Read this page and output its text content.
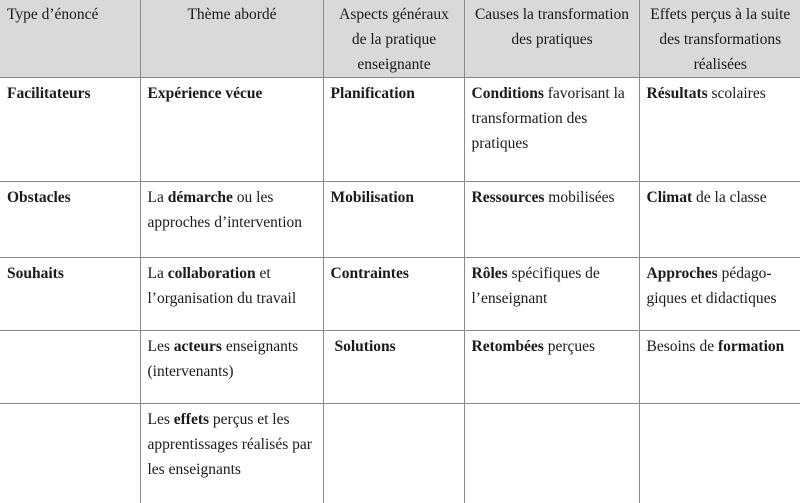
Type d’énoncé	Thème abordé	Aspects généraux de la pratique enseignante	Causes la transformation des pratiques	Effets perçus à la suite des transformations réalisées
Facilitateurs	Expérience vécue	Planification	Conditions favorisant la transformation des pratiques	Résultats scolaires
Obstacles	La démarche ou les approches d’intervention	Mobilisation	Ressources mobilisées	Climat de la classe
Souhaits	La collaboration et l’organisation du travail	Contraintes	Rôles spécifiques de l’enseignant	Approches pédagogiques et didactiques
	Les acteurs enseignants (intervenants)	Solutions	Retombées perçues	Besoins de formation
	Les effets perçus et les apprentissages réalisés par les enseignants			
